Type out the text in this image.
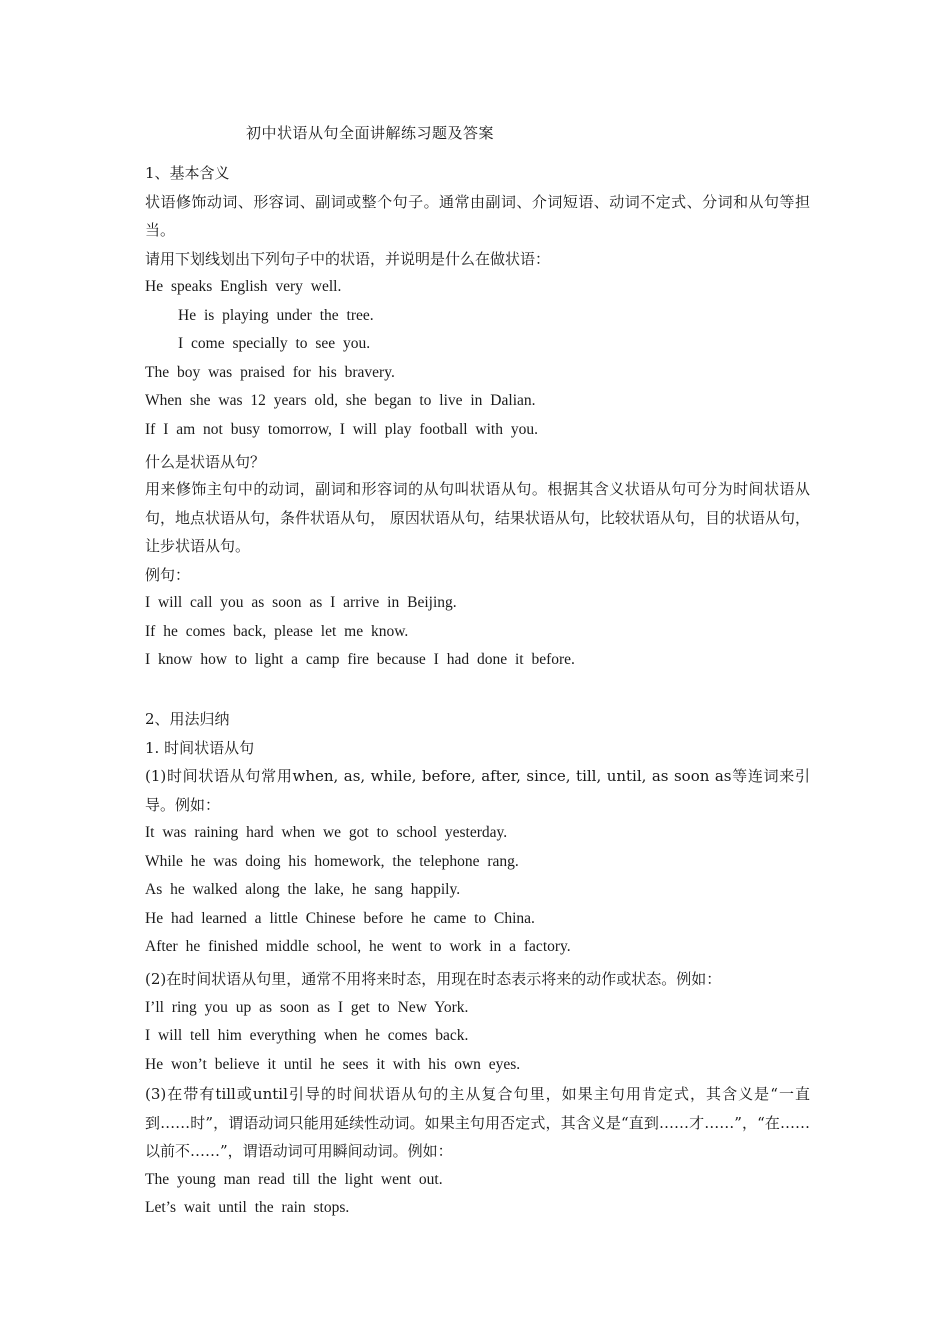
初中状语从句全面讲解练习题及答案
1、基本含义
状语修饰动词、形容词、副词或整个句子。通常由副词、介词短语、动词不定式、分词和从句等担当。
请用下划线划出下列句子中的状语，并说明是什么在做状语：
He speaks English very well.
He is playing under the tree.
I come specially to see you.
The boy was praised for his bravery.
When she was 12 years old, she began to live in Dalian.
If I am not busy tomorrow, I will play football with you.
什么是状语从句？
用来修饰主句中的动词，副词和形容词的从句叫状语从句。根据其含义状语从句可分为时间状语从句，地点状语从句，条件状语从句， 原因状语从句，结果状语从句，比较状语从句，目的状语从句，让步状语从句。
例句：
I will call you as soon as I arrive in Beijing.
If he comes back, please let me know.
I know how to light a camp fire because I had done it before.
2、用法归纳
1. 时间状语从句
(1)时间状语从句常用when, as, while, before, after, since, till, until, as soon as等连词来引导。例如：
It was raining hard when we got to school yesterday.
While he was doing his homework, the telephone rang.
As he walked along the lake, he sang happily.
He had learned a little Chinese before he came to China.
After he finished middle school, he went to work in a factory.
(2)在时间状语从句里，通常不用将来时态，用现在时态表示将来的动作或状态。例如：
I’ll ring you up as soon as I get to New York.
I will tell him everything when he comes back.
He won’t believe it until he sees it with his own eyes.
(3)在带有till或until引导的时间状语从句的主从复合句里，如果主句用肯定式，其含义是“一直到……时”，谓语动词只能用延续性动词。如果主句用否定式，其含义是“直到……才……”，“在……以前不……”，谓语动词可用瞬间动词。例如：
The young man read till the light went out.
Let’s wait until the rain stops.
